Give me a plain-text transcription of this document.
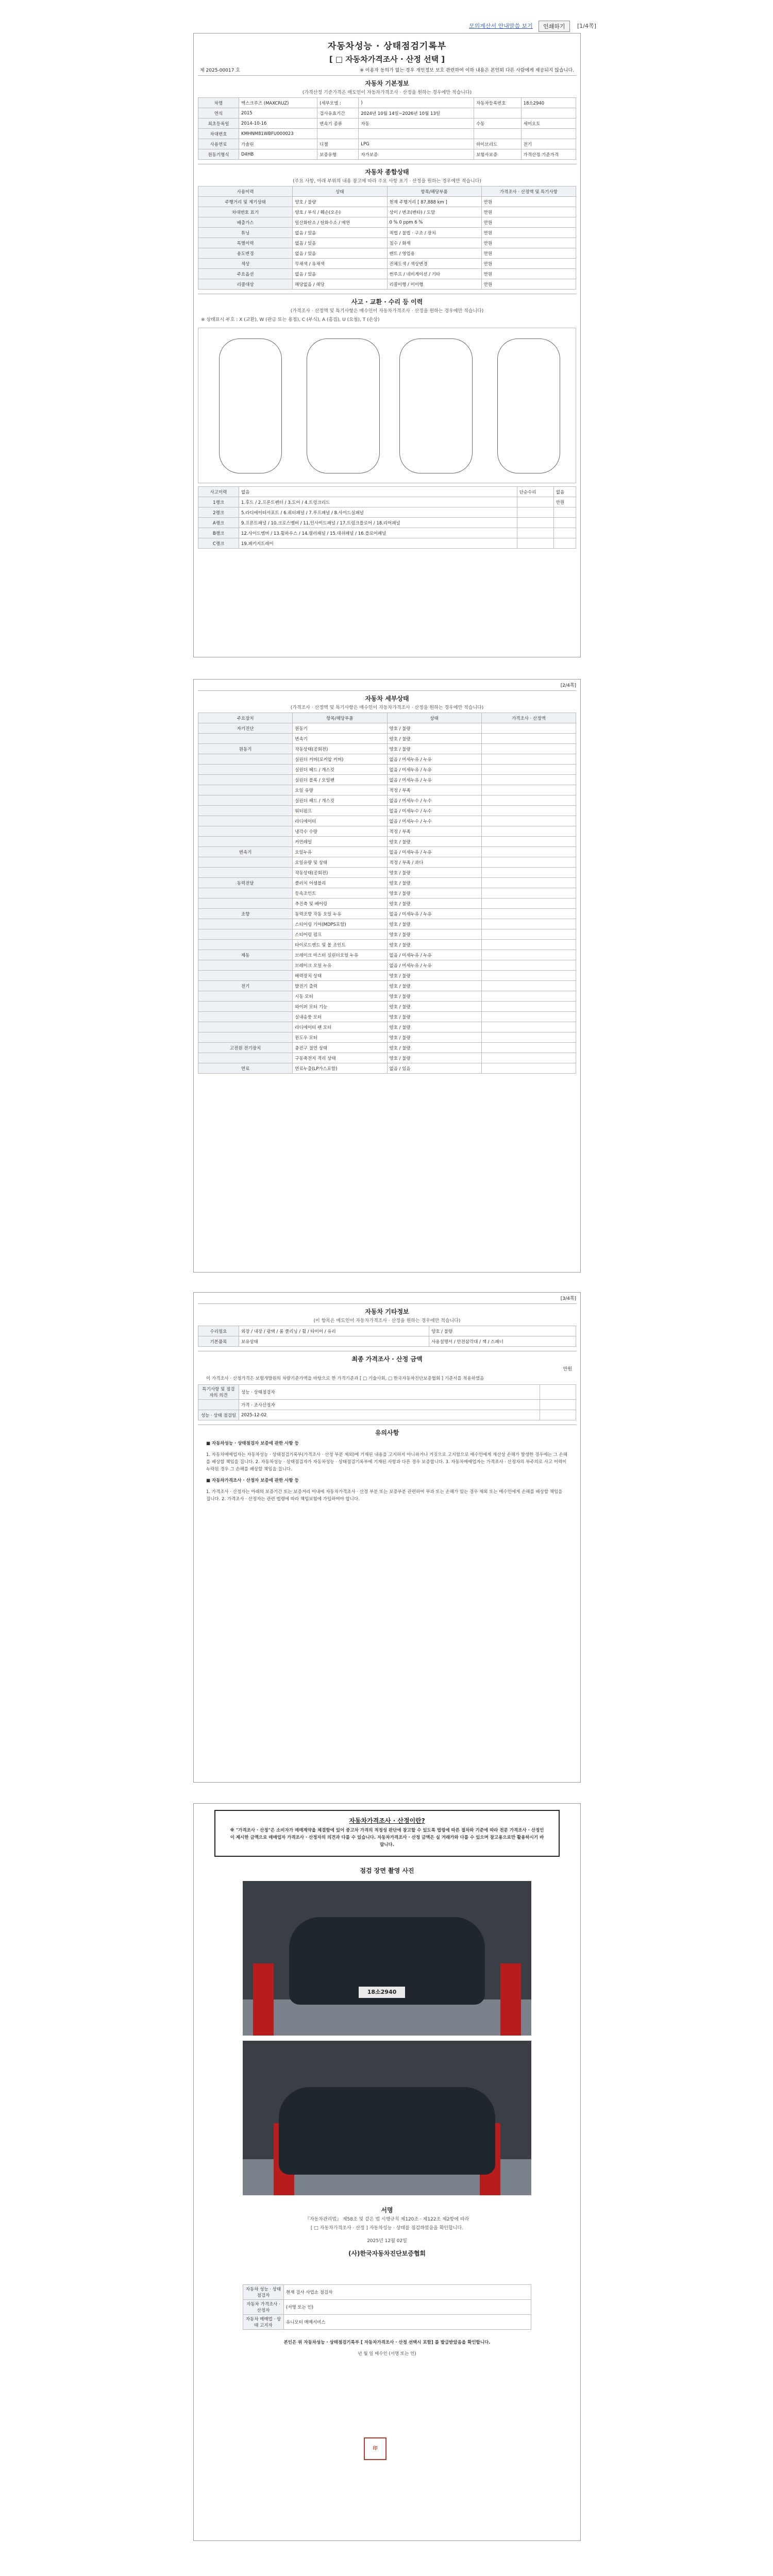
모의계산서 안내말씀 보기	인쇄하기	[1/4쪽]
자동차성능 · 상태점검기록부
[ □ 자동차가격조사 · 산정 선택 ]
제 2025-00017 호	※ 이용자 동의가 없는 경우 개인정보 보호 관련하여 이하 내용은 본인외 다른 사람에게 제공되지 않습니다.
자동차 기본정보
(가격산정 기준가격은 매도인이 자동차가격조사 · 산정을 원하는 경우에만 적습니다)
차명	맥스크루즈 (MAXCRUZ)	(세부모델 :	)	자동차등록번호	18소2940
연식	2015	검사유효기간	2024년 10월 14일~2026년 10월 13일		
최초등록일	2014-10-16	변속기 종류	자동	수동	세미오토
차대번호	KMHNM81WBFU000023				
사용연료	가솔린	디젤	LPG	하이브리드	전기
원동기형식	D4HB	보증유형	자가보증	보험사보증	가격산정 기준가격
자동차 종합상태
(주요 사항, 아래 부위의 내용 참고에 따라 주요 사항 표기 · 산정을 원하는 경우에만 적습니다)
사용이력	상태	항목/해당부품	가격조사 · 산정액 및 특기사항
주행거리 및 계기상태	양호 / 불량	현재 주행거리 [ 87,888 km ]	만원
차대번호 표기	양호 / 부식 / 훼손(오손)	상이 / 변조(변타) / 도말	만원
배출가스	일산화탄소 / 탄화수소 / 매연	0 % 0 ppm 6 %	만원
튜닝	없음 / 있음	적법 / 불법 · 구조 / 장치	만원
특별이력	없음 / 있음	침수 / 화재	만원
용도변경	없음 / 있음	렌트 / 영업용	만원
색상	무채색 / 유채색	전체도색 / 색상변경	만원
주요옵션	없음 / 있음	썬루프 / 네비게이션 / 기타	만원
리콜대상	해당없음 / 해당	리콜이행 / 미이행	만원
사고 · 교환 · 수리 등 이력
(가격조사 · 산정액 및 특기사항은 매수인이 자동차가격조사 · 산정을 원하는 경우에만 적습니다)
※ 상태표시 부호 : X (교환), W (판금 또는 용접), C (부식), A (흠집), U (요철), T (손상)
사고이력	없음	단순수리	없음
1랭크	1.후드 / 2.프론트펜더 / 3.도어 / 4.트렁크리드		만원
2랭크	5.라디에이터서포트 / 6.쿼터패널 / 7.루프패널 / 8.사이드실패널		
A랭크	9.프론트패널 / 10.크로스멤버 / 11.인사이드패널 / 17.트렁크플로어 / 18.리어패널		
B랭크	12.사이드멤버 / 13.휠하우스 / 14.필러패널 / 15.대쉬패널 / 16.플로어패널		
C랭크	19.패키지트레이		
[2/4쪽]
자동차 세부상태
(가격조사 · 산정액 및 특기사항은 매수인이 자동차가격조사 · 산정을 원하는 경우에만 적습니다)
주요장치	항목/해당부품	상태	가격조사 · 산정액
자기진단	원동기	양호 / 불량	
	변속기	양호 / 불량	
원동기	작동상태(공회전)	양호 / 불량	
	실린더 커버(로커암 커버)	없음 / 미세누유 / 누유	
	실린더 헤드 / 개스킷	없음 / 미세누유 / 누유	
	실린더 블록 / 오일팬	없음 / 미세누유 / 누유	
	오일 유량	적정 / 부족	
	실린더 헤드 / 개스킷	없음 / 미세누수 / 누수	
	워터펌프	없음 / 미세누수 / 누수	
	라디에이터	없음 / 미세누수 / 누수	
	냉각수 수량	적정 / 부족	
	커먼레일	양호 / 불량	
변속기	오일누유	없음 / 미세누유 / 누유	
	오일유량 및 상태	적정 / 부족 / 과다	
	작동상태(공회전)	양호 / 불량	
동력전달	클러치 어셈블리	양호 / 불량	
	등속조인트	양호 / 불량	
	추진축 및 베어링	양호 / 불량	
조향	동력조향 작동 오일 누유	없음 / 미세누유 / 누유	
	스티어링 기어(MDPS포함)	양호 / 불량	
	스티어링 펌프	양호 / 불량	
	타이로드엔드 및 볼 조인트	양호 / 불량	
제동	브레이크 마스터 실린더오일 누유	없음 / 미세누유 / 누유	
	브레이크 오일 누유	없음 / 미세누유 / 누유	
	배력장치 상태	양호 / 불량	
전기	발전기 출력	양호 / 불량	
	시동 모터	양호 / 불량	
	와이퍼 모터 기능	양호 / 불량	
	실내송풍 모터	양호 / 불량	
	라디에이터 팬 모터	양호 / 불량	
	윈도우 모터	양호 / 불량	
고전원 전기장치	충전구 절연 상태	양호 / 불량	
	구동축전지 격리 상태	양호 / 불량	
연료	연료누출(LP가스포함)	없음 / 있음	
[3/4쪽]
자동차 기타정보
(이 항목은 매도인이 자동차가격조사 · 산정을 원하는 경우에만 적습니다)
수리필요	외장 / 내장 / 광택 / 룸 클리닝 / 휠 / 타이어 / 유리	양호 / 불량
기본품목	보유상태	사용설명서 / 안전삼각대 / 잭 / 스패너
최종 가격조사 · 산정 금액
만원
이 가격조사 · 산정가격은 보험개발원의 차량기준가액을 바탕으로 한 가격기준과 [ □ 기술사회, □ 한국자동차진단보증협회 ] 기준서를 적용하였음
특기사항 및 점검자의 의견	성능 · 상태점검자	
	가격 · 조사산정자	
성능 · 상태 점검일	2025-12-02	
유의사항
■ 자동차성능 · 상태점검자 보증에 관한 사항 등
1. 자동차매매업자는 자동차성능 · 상태점검기록부(가격조사 · 산정 부분 제외)에 기재된 내용을 고지하지 아니하거나 거짓으로 고지함으로 매수인에게 재산상 손해가 발생한 경우에는 그 손해를 배상할 책임을 집니다. 2. 자동차성능 · 상태점검자가 자동차성능 · 상태점검기록부에 기재된 사항과 다른 경우 보증합니다. 3. 자동차매매업자는 가격조사 · 산정자의 부주의로 사고 이력이 누락된 경우 그 손해를 배상할 책임을 집니다.
■ 자동차가격조사 · 산정자 보증에 관한 사항 등
1. 가격조사 · 산정자는 아래의 보증기간 또는 보증거리 이내에 자동차가격조사 · 산정 부분 또는 보증부분 관련하여 부과 또는 손해가 있는 경우 제외 또는 매수인에게 손해를 배상할 책임을 집니다. 2. 가격조사 · 산정자는 관련 법령에 따라 책임보험에 가입하여야 합니다.
자동차가격조사 · 산정이란?
※ "가격조사 · 산정"은 소비자가 매매계약을 체결함에 있어 중고차 가격의 적정성 판단에 참고할 수 있도록 법령에 따른 절차와 기준에 따라 전문 가격조사 · 산정인이 제시한 금액으로 매매업자 가격조사 · 산정자의 의견과 다를 수 있습니다. 자동차가격조사 · 산정 금액은 실 거래가와 다를 수 있으며 참고용으로만 활용하시기 바랍니다.
점검 장면 촬영 사진
18소2940
서명
『자동차관리법』 제58조 및 같은 법 시행규칙 제120조 · 제122조 제2항에 따라
[ □ 자동차가격조사 · 산정 ] 자동차성능 · 상태를 점검하였음을 확인합니다.
2025년 12월 02일
(사)한국자동차진단보증협회
印
자동차 성능 · 상태 점검자	현재 검사 사업소 점검자
자동차 가격조사 · 산정자	(서명 또는 인)
자동차 매매업 · 상태 고지자	유니모터 매매서비스
본인은 위 자동차성능 · 상태점검기록부 [ 자동차가격조사 · 산정 선택시 포함] 를 발급받았음을 확인합니다.
년 월 일 매수인 (서명 또는 인)
